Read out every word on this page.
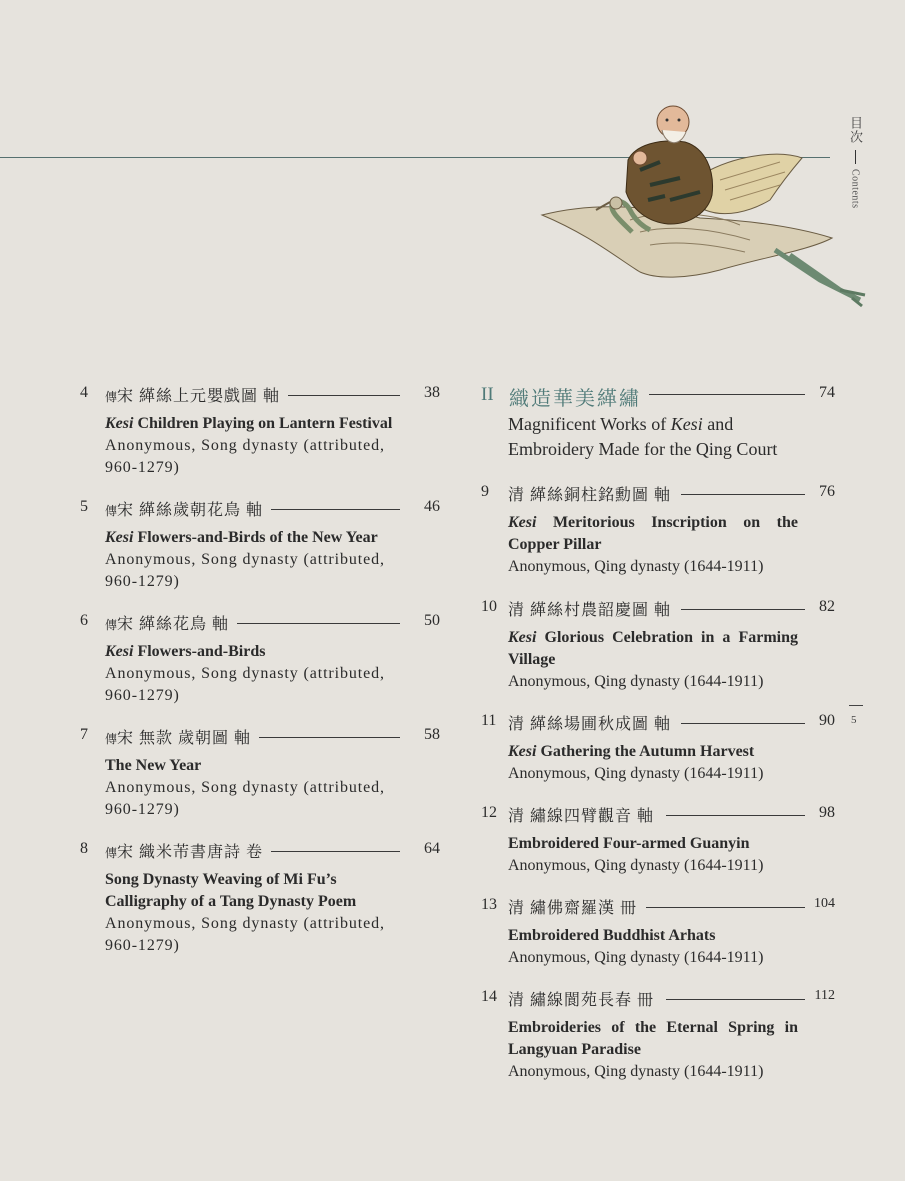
目次
Contents
4 傳宋 緙絲上元嬰戲圖 軸	38
Kesi Children Playing on Lantern Festival
Anonymous, Song dynasty (attributed, 960-1279)
5 傳宋 緙絲歲朝花鳥 軸	46
Kesi Flowers-and-Birds of the New Year
Anonymous, Song dynasty (attributed, 960-1279)
6 傳宋 緙絲花鳥 軸	50
Kesi Flowers-and-Birds
Anonymous, Song dynasty (attributed, 960-1279)
7 傳宋 無款 歲朝圖 軸	58
The New Year
Anonymous, Song dynasty (attributed, 960-1279)
8 傳宋 織米芾書唐詩 卷	64
Song Dynasty Weaving of Mi Fu’s Calligraphy of a Tang Dynasty Poem
Anonymous, Song dynasty (attributed, 960-1279)
II 織造華美緙繡	74
Magnificent Works of Kesi and Embroidery Made for the Qing Court
9 清 緙絲銅柱銘勳圖 軸	76
Kesi Meritorious Inscription on the Copper Pillar
Anonymous, Qing dynasty (1644-1911)
10 清 緙絲村農韶慶圖 軸	82
Kesi Glorious Celebration in a Farming Village
Anonymous, Qing dynasty (1644-1911)
11 清 緙絲場圃秋成圖 軸	90
Kesi Gathering the Autumn Harvest
Anonymous, Qing dynasty (1644-1911)
12 清 繡線四臂觀音 軸	98
Embroidered Four-armed Guanyin
Anonymous, Qing dynasty (1644-1911)
13 清 繡佛齋羅漢 冊	104
Embroidered Buddhist Arhats
Anonymous, Qing dynasty (1644-1911)
14 清 繡線閬苑長春 冊	112
Embroideries of the Eternal Spring in Langyuan Paradise
Anonymous, Qing dynasty (1644-1911)
5
